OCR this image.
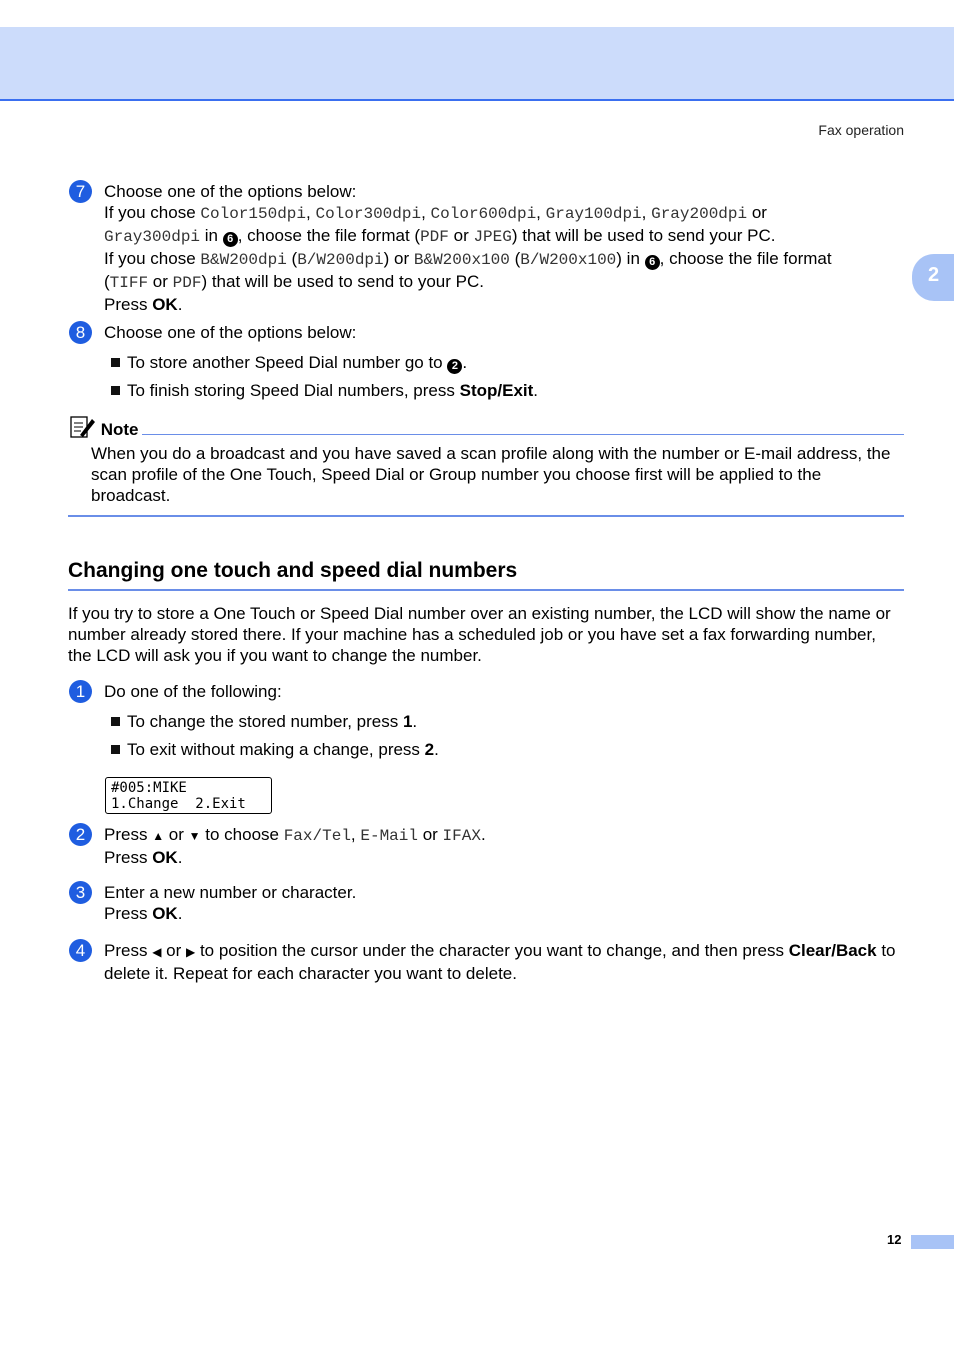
Fax operation
2
7	Choose one of the options below:
If you chose Color150dpi, Color300dpi, Color600dpi, Gray100dpi, Gray200dpi or
Gray300dpi in 6 , choose the file format (PDF or JPEG) that will be used to send your PC.
If you chose B&W200dpi (B/W200dpi) or B&W200x100 (B/W200x100) in 6 , choose the file format
(TIFF or PDF) that will be used to send to your PC.
Press OK.
8	Choose one of the options below:
To store another Speed Dial number go to 2 .
To finish storing Speed Dial numbers, press Stop/Exit.
Note
When you do a broadcast and you have saved a scan profile along with the number or E-mail address, the scan profile of the One Touch, Speed Dial or Group number you choose first will be applied to the broadcast.
Changing one touch and speed dial numbers
If you try to store a One Touch or Speed Dial number over an existing number, the LCD will show the name or number already stored there. If your machine has a scheduled job or you have set a fax forwarding number, the LCD will ask you if you want to change the number.
1	Do one of the following:
To change the stored number, press 1.
To exit without making a change, press 2.
#005:MIKE
1.Change  2.Exit
2	Press ▲ or ▼ to choose Fax/Tel, E-Mail or IFAX.
Press OK.
3	Enter a new number or character.
Press OK.
4	Press ◀ or ▶ to position the cursor under the character you want to change, and then press Clear/Back to delete it. Repeat for each character you want to delete.
12
